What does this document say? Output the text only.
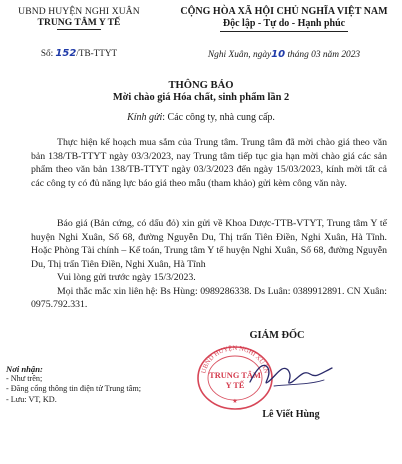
UBND HUYỆN NGHI XUÂN
TRUNG TÂM Y TẾ
Số: 152/TB-TTYT
CỘNG HÒA XÃ HỘI CHỦ NGHĨA VIỆT NAM
Độc lập - Tự do - Hạnh phúc
Nghi Xuân, ngày10 tháng 03 năm 2023
THÔNG BÁO
Mời chào giá Hóa chất, sinh phẩm lần 2
Kính gửi: Các công ty, nhà cung cấp.

Thực hiện kế hoạch mua sắm của Trung tâm. Trung tâm đã mời chào giá theo văn bản 138/TB-TTYT ngày 03/3/2023, nay Trung tâm tiếp tục gia hạn mời chào giá các sản phẩm theo văn bản 138/TB-TTYT ngày 03/3/2023 đến ngày 15/03/2023, kính mời tất cả các công ty có đủ năng lực báo giá theo mẫu (tham khảo) gửi kèm công văn này.

Báo giá (Bản cứng, có dấu đỏ) xin gửi về Khoa Dược-TTB-VTYT, Trung tâm Y tế huyện Nghi Xuân, Số 68, đường Nguyễn Du, Thị trấn Tiên Điền, Nghi Xuân, Hà Tĩnh. Hoặc Phòng Tài chính – Kế toán, Trung tâm Y tế huyện Nghi Xuân, Số 68, đường Nguyễn Du, Thị trấn Tiên Điền, Nghi Xuân, Hà Tĩnh

Vui lòng gửi trước ngày 15/3/2023.

Mọi thắc mắc xin liên hệ: Bs Hùng: 0989286338. Ds Luân: 0389912891. CN Xuân: 0975.792.331.

Nơi nhận:
- Như trên;
- Đăng cổng thông tin điện tử Trung tâm;
- Lưu: VT, KD.
GIÁM ĐỐC
UBND HUYỆN NGHI XUÂN
TRUNG TÂM
Y TẾ
★
Lê Viết Hùng
